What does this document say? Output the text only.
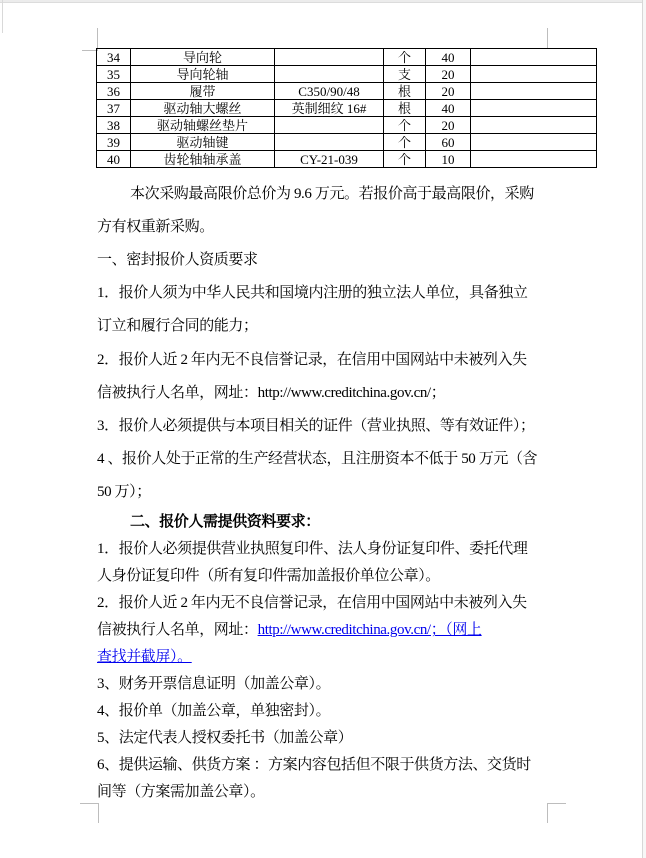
34	导向轮		个	40	
35	导向轮轴		支	20	
36	履带	C350/90/48	根	20	
37	驱动轴大螺丝	英制细纹 16#	根	40	
38	驱动轴螺丝垫片		个	20	
39	驱动轴键		个	60	
40	齿轮轴轴承盖	CY-21-039	个	10	
本次采购最高限价总价为 9.6 万元。若报价高于最高限价，采购
方有权重新采购。
一、密封报价人资质要求
1．报价人须为中华人民共和国境内注册的独立法人单位，具备独立
订立和履行合同的能力；
2．报价人近 2 年内无不良信誉记录，在信用中国网站中未被列入失
信被执行人名单，网址：http://www.creditchina.gov.cn/；
3．报价人必须提供与本项目相关的证件（营业执照、等有效证件）；
4 、报价人处于正常的生产经营状态，且注册资本不低于 50 万元（含
50 万）；
二、报价人需提供资料要求：
1．报价人必须提供营业执照复印件、法人身份证复印件、委托代理
人身份证复印件（所有复印件需加盖报价单位公章）。
2．报价人近 2 年内无不良信誉记录，在信用中国网站中未被列入失
信被执行人名单，网址：http://www.creditchina.gov.cn/；（网上
查找并截屏）。
3、财务开票信息证明（加盖公章）。
4、报价单（加盖公章，单独密封）。
5、法定代表人授权委托书（加盖公章）
6、提供运输、供货方案 ：方案内容包括但不限于供货方法、交货时
间等（方案需加盖公章）。
